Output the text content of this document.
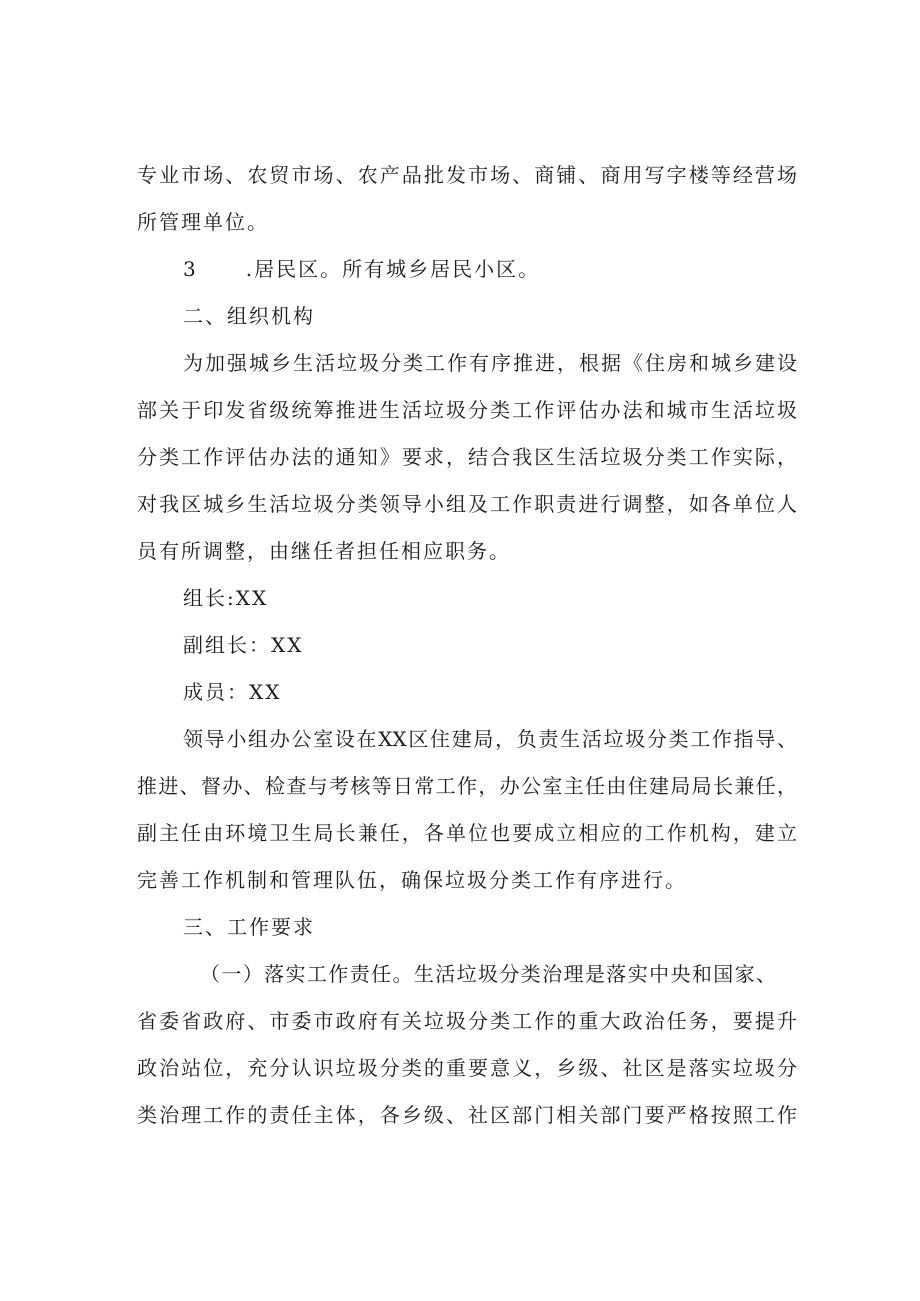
专业市场、农贸市场、农产品批发市场、商铺、商用写字楼等经营场
所管理单位。
3 .居民区。所有城乡居民小区。
二、组织机构
为加强城乡生活垃圾分类工作有序推进，根据《住房和城乡建设
部关于印发省级统筹推进生活垃圾分类工作评估办法和城市生活垃圾
分类工作评估办法的通知》要求，结合我区生活垃圾分类工作实际，
对我区城乡生活垃圾分类领导小组及工作职责进行调整，如各单位人
员有所调整，由继任者担任相应职务。
组长:XX
副组长：XX
成员：XX
领导小组办公室设在XX区住建局，负责生活垃圾分类工作指导、
推进、督办、检查与考核等日常工作，办公室主任由住建局局长兼任，
副主任由环境卫生局长兼任，各单位也要成立相应的工作机构，建立
完善工作机制和管理队伍，确保垃圾分类工作有序进行。
三、工作要求
（一）落实工作责任。生活垃圾分类治理是落实中央和国家、
省委省政府、市委市政府有关垃圾分类工作的重大政治任务，要提升
政治站位，充分认识垃圾分类的重要意义，乡级、社区是落实垃圾分
类治理工作的责任主体，各乡级、社区部门相关部门要严格按照工作
